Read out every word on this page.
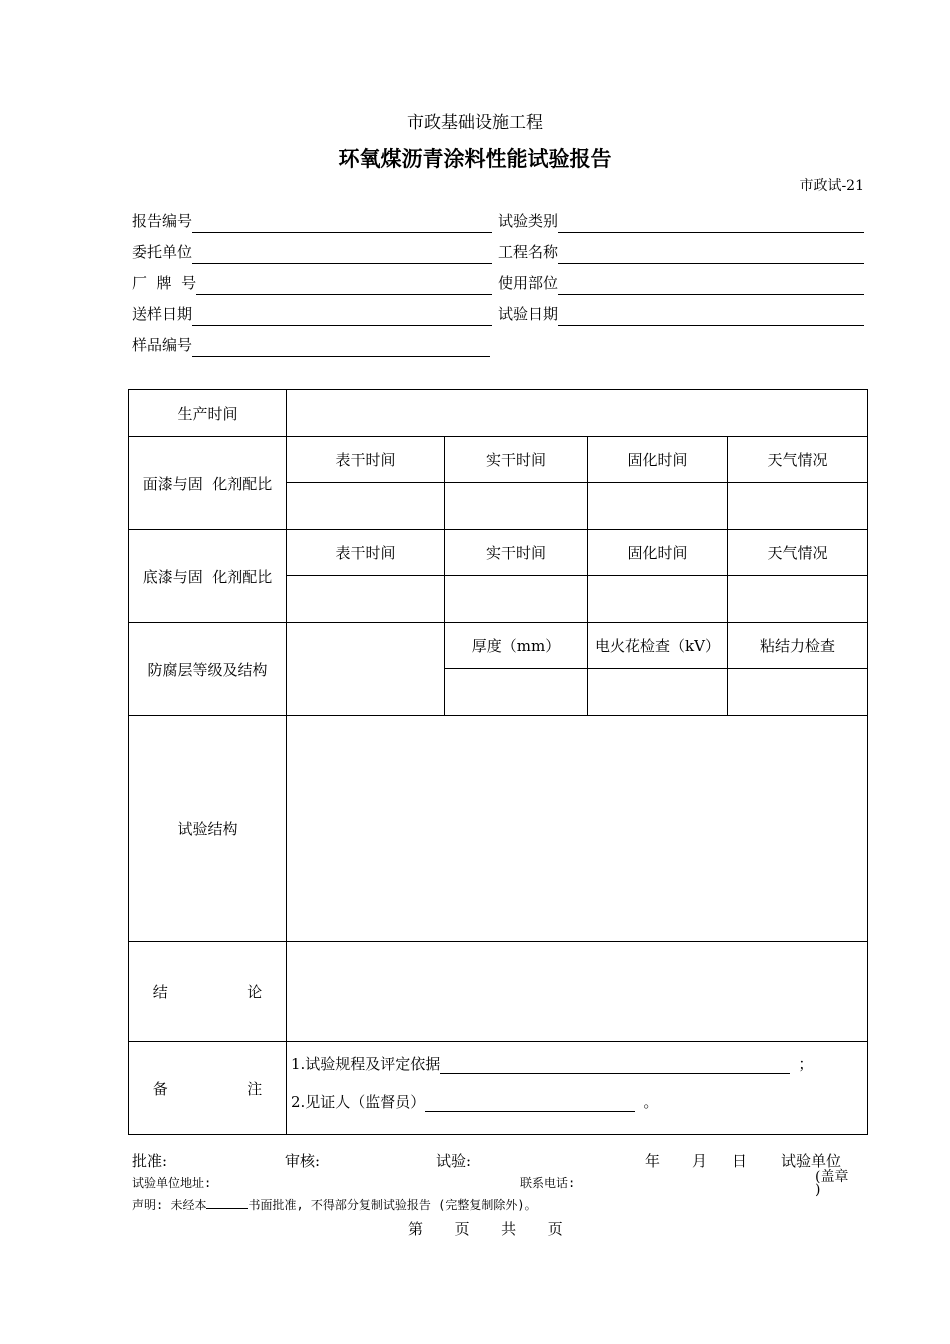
市政基础设施工程
环氧煤沥青涂料性能试验报告
市政试-21
报告编号	试验类别
委托单位	工程名称
厂  牌  号	使用部位
送样日期	试验日期
样品编号
生产时间				
面漆与固  化剂配比	表干时间	实干时间	固化时间	天气情况

底漆与固  化剂配比	表干时间	实干时间	固化时间	天气情况

防腐层等级及结构		厚度（mm）	电火花检查（kV）	粘结力检查

试验结构				
结 论				
备 注	1.试验规程及评定依据 ；
2.见证人（监督员） 。			
批准:	审核:	试验:	年 月 日 试验单位
(盖章
)
试验单位地址:	联系电话:
声明: 未经本	书面批准, 不得部分复制试验报告 (完整复制除外)。
第 页 共 页
